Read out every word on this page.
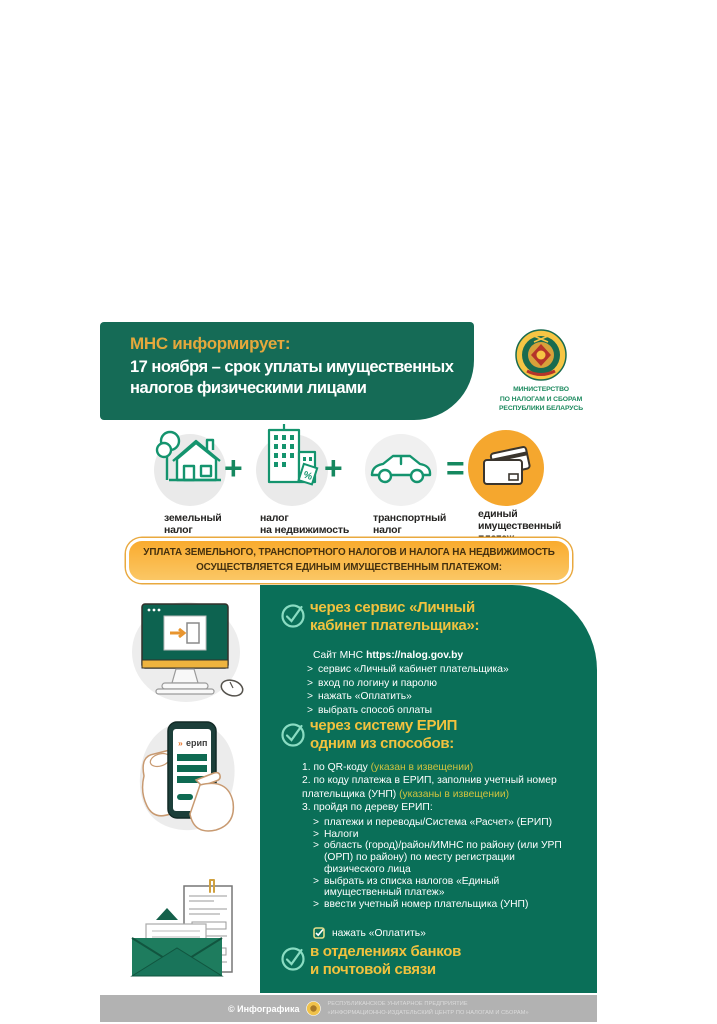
МНС информирует:
17 ноября – срок уплаты имущественных
налогов физическими лицами	МИНИСТЕРСТВО
ПО НАЛОГАМ И СБОРАМ
РЕСПУБЛИКИ БЕЛАРУСЬ
%
+	+	=
земельный
налог
налог
на недвижимость
транспортный
налог
единый
имущественный
УПЛАТА ЗЕМЕЛЬНОГО, ТРАНСПОРТНОГО НАЛОГОВ И НАЛОГА НА НЕДВИЖИМОСТЬ
ОСУЩЕСТВЛЯЕТСЯ ЕДИНЫМ ИМУЩЕСТВЕННЫМ ПЛАТЕЖОМ:
» ерип
через сервис «Личный
кабинет плательщика»:
Сайт МНС https://nalog.gov.by
> сервис «Личный кабинет плательщика»
> вход по логину и паролю
> нажать «Оплатить»
> выбрать способ оплаты
через систему ЕРИП
одним из способов:
1. по QR-коду (указан в извещении)
2. по коду платежа в ЕРИП, заполнив учетный номер плательщика (УНП) (указаны в извещении)
3. пройдя по дереву ЕРИП:
> платежи и переводы/Система «Расчет» (ЕРИП)
> Налоги
> область (город)/район/ИМНС по району (или УРП (ОРП) по району) по месту регистрации физического лица
> выбрать из списка налогов «Единый имущественный платеж»
> ввести учетный номер плательщика (УНП)
нажать «Оплатить»
в отделениях банков
и почтовой связи
© Инфографика	РЕСПУБЛИКАНСКОЕ УНИТАРНОЕ ПРЕДПРИЯТИЕ
«ИНФОРМАЦИОННО-ИЗДАТЕЛЬСКИЙ ЦЕНТР ПО НАЛОГАМ И СБОРАМ»
